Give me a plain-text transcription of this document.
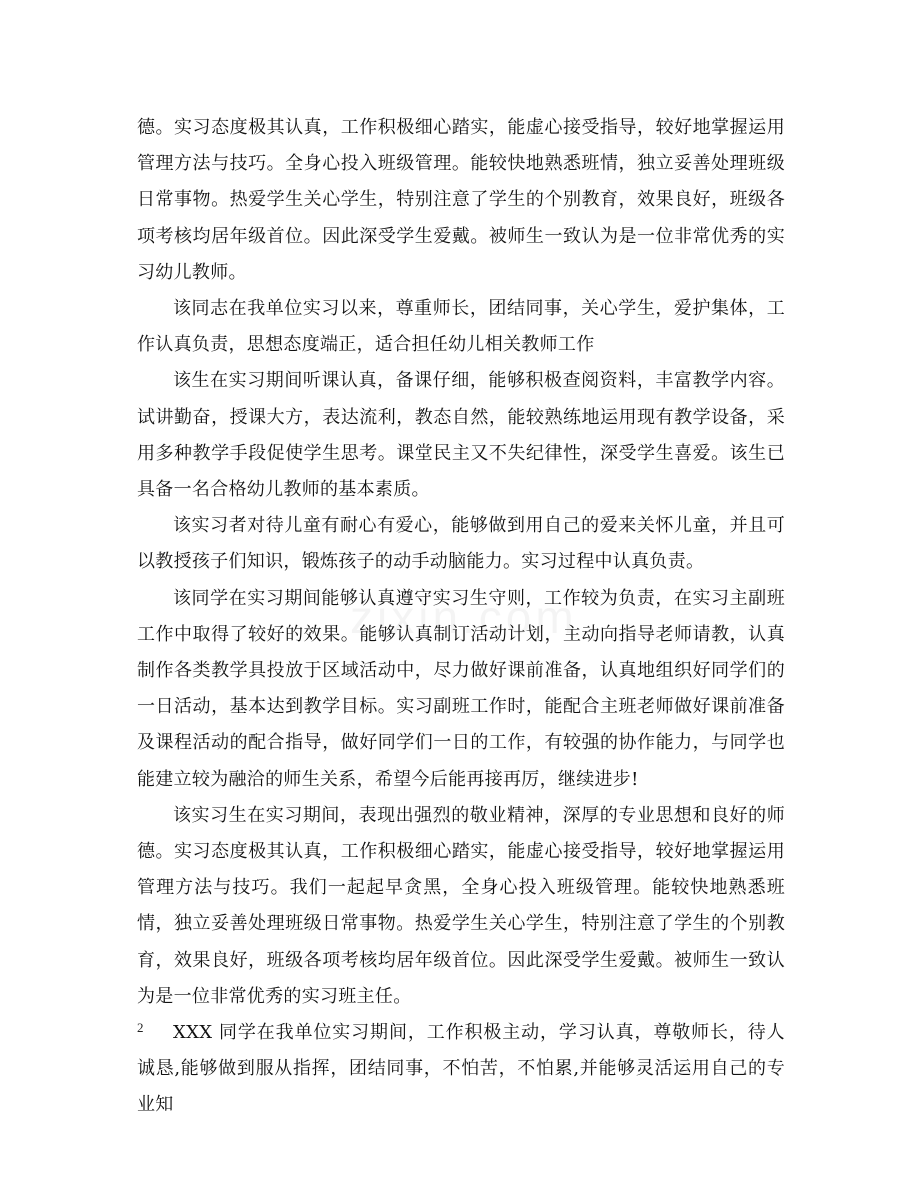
德。实习态度极其认真，工作积极细心踏实，能虚心接受指导，较好地掌握运用管理方法与技巧。全身心投入班级管理。能较快地熟悉班情，独立妥善处理班级日常事物。热爱学生关心学生，特别注意了学生的个别教育，效果良好，班级各项考核均居年级首位。因此深受学生爱戴。被师生一致认为是一位非常优秀的实习幼儿教师。

该同志在我单位实习以来，尊重师长，团结同事，关心学生，爱护集体，工作认真负责，思想态度端正，适合担任幼儿相关教师工作

该生在实习期间听课认真，备课仔细，能够积极查阅资料，丰富教学内容。试讲勤奋，授课大方，表达流利，教态自然，能较熟练地运用现有教学设备，采用多种教学手段促使学生思考。课堂民主又不失纪律性，深受学生喜爱。该生已具备一名合格幼儿教师的基本素质。

该实习者对待儿童有耐心有爱心，能够做到用自己的爱来关怀儿童，并且可以教授孩子们知识，锻炼孩子的动手动脑能力。实习过程中认真负责。

该同学在实习期间能够认真遵守实习生守则，工作较为负责，在实习主副班工作中取得了较好的效果。能够认真制订活动计划，主动向指导老师请教，认真制作各类教学具投放于区域活动中，尽力做好课前准备，认真地组织好同学们的一日活动，基本达到教学目标。实习副班工作时，能配合主班老师做好课前准备及课程活动的配合指导，做好同学们一日的工作，有较强的协作能力，与同学也能建立较为融洽的师生关系，希望今后能再接再厉，继续进步!

该实习生在实习期间，表现出强烈的敬业精神，深厚的专业思想和良好的师德。实习态度极其认真，工作积极细心踏实，能虚心接受指导，较好地掌握运用管理方法与技巧。我们一起起早贪黑，全身心投入班级管理。能较快地熟悉班情，独立妥善处理班级日常事物。热爱学生关心学生，特别注意了学生的个别教育，效果良好，班级各项考核均居年级首位。因此深受学生爱戴。被师生一致认为是一位非常优秀的实习班主任。

XXX 同学在我单位实习期间，工作积极主动，学习认真，尊敬师长，待人诚恳,能够做到服从指挥，团结同事，不怕苦，不怕累,并能够灵活运用自己的专业知

2
